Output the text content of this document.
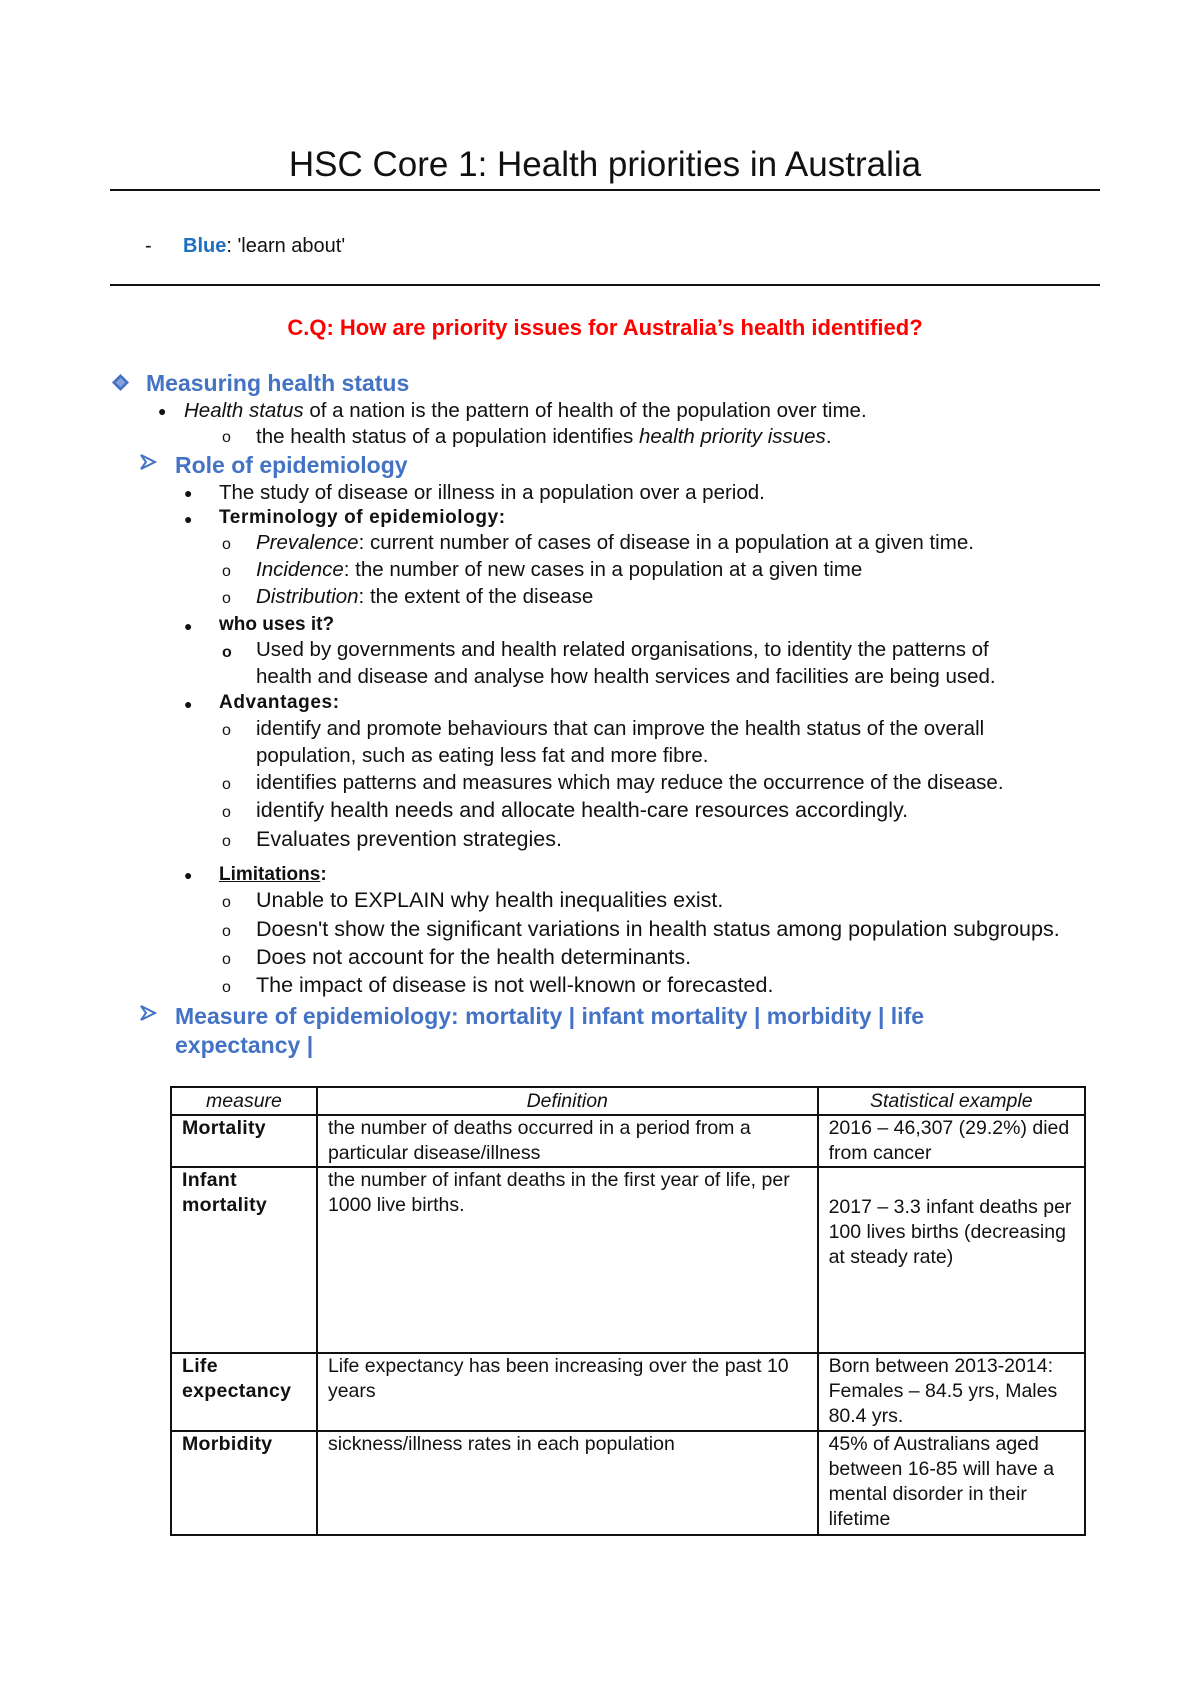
HSC Core 1: Health priorities in Australia
- Blue: 'learn about'
C.Q: How are priority issues for Australia’s health identified?
Measuring health status
● Health status of a nation is the pattern of health of the population over time.
o the health status of a population identifies health priority issues.
Role of epidemiology
● The study of disease or illness in a population over a period.
● Terminology of epidemiology:
o Prevalence: current number of cases of disease in a population at a given time.
o Incidence: the number of new cases in a population at a given time
o Distribution: the extent of the disease
● who uses it?
o Used by governments and health related organisations, to identity the patterns of
health and disease and analyse how health services and facilities are being used.
● Advantages:
o identify and promote behaviours that can improve the health status of the overall
population, such as eating less fat and more fibre.
o identifies patterns and measures which may reduce the occurrence of the disease.
o identify health needs and allocate health-care resources accordingly.
o Evaluates prevention strategies.
● Limitations:
o Unable to EXPLAIN why health inequalities exist.
o Doesn't show the significant variations in health status among population subgroups.
o Does not account for the health determinants.
o The impact of disease is not well-known or forecasted.
Measure of epidemiology: mortality | infant mortality | morbidity | life
expectancy |
measure	Definition	Statistical example
Mortality	the number of deaths occurred in a period from a particular disease/illness	2016 – 46,307 (29.2%) died from cancer
Infant mortality	the number of infant deaths in the first year of life, per 1000 live births.	2017 – 3.3 infant deaths per 100 lives births (decreasing at steady rate)
Life expectancy	Life expectancy has been increasing over the past 10 years	Born between 2013-2014: Females – 84.5 yrs, Males 80.4 yrs.
Morbidity	sickness/illness rates in each population	45% of Australians aged between 16-85 will have a mental disorder in their lifetime
